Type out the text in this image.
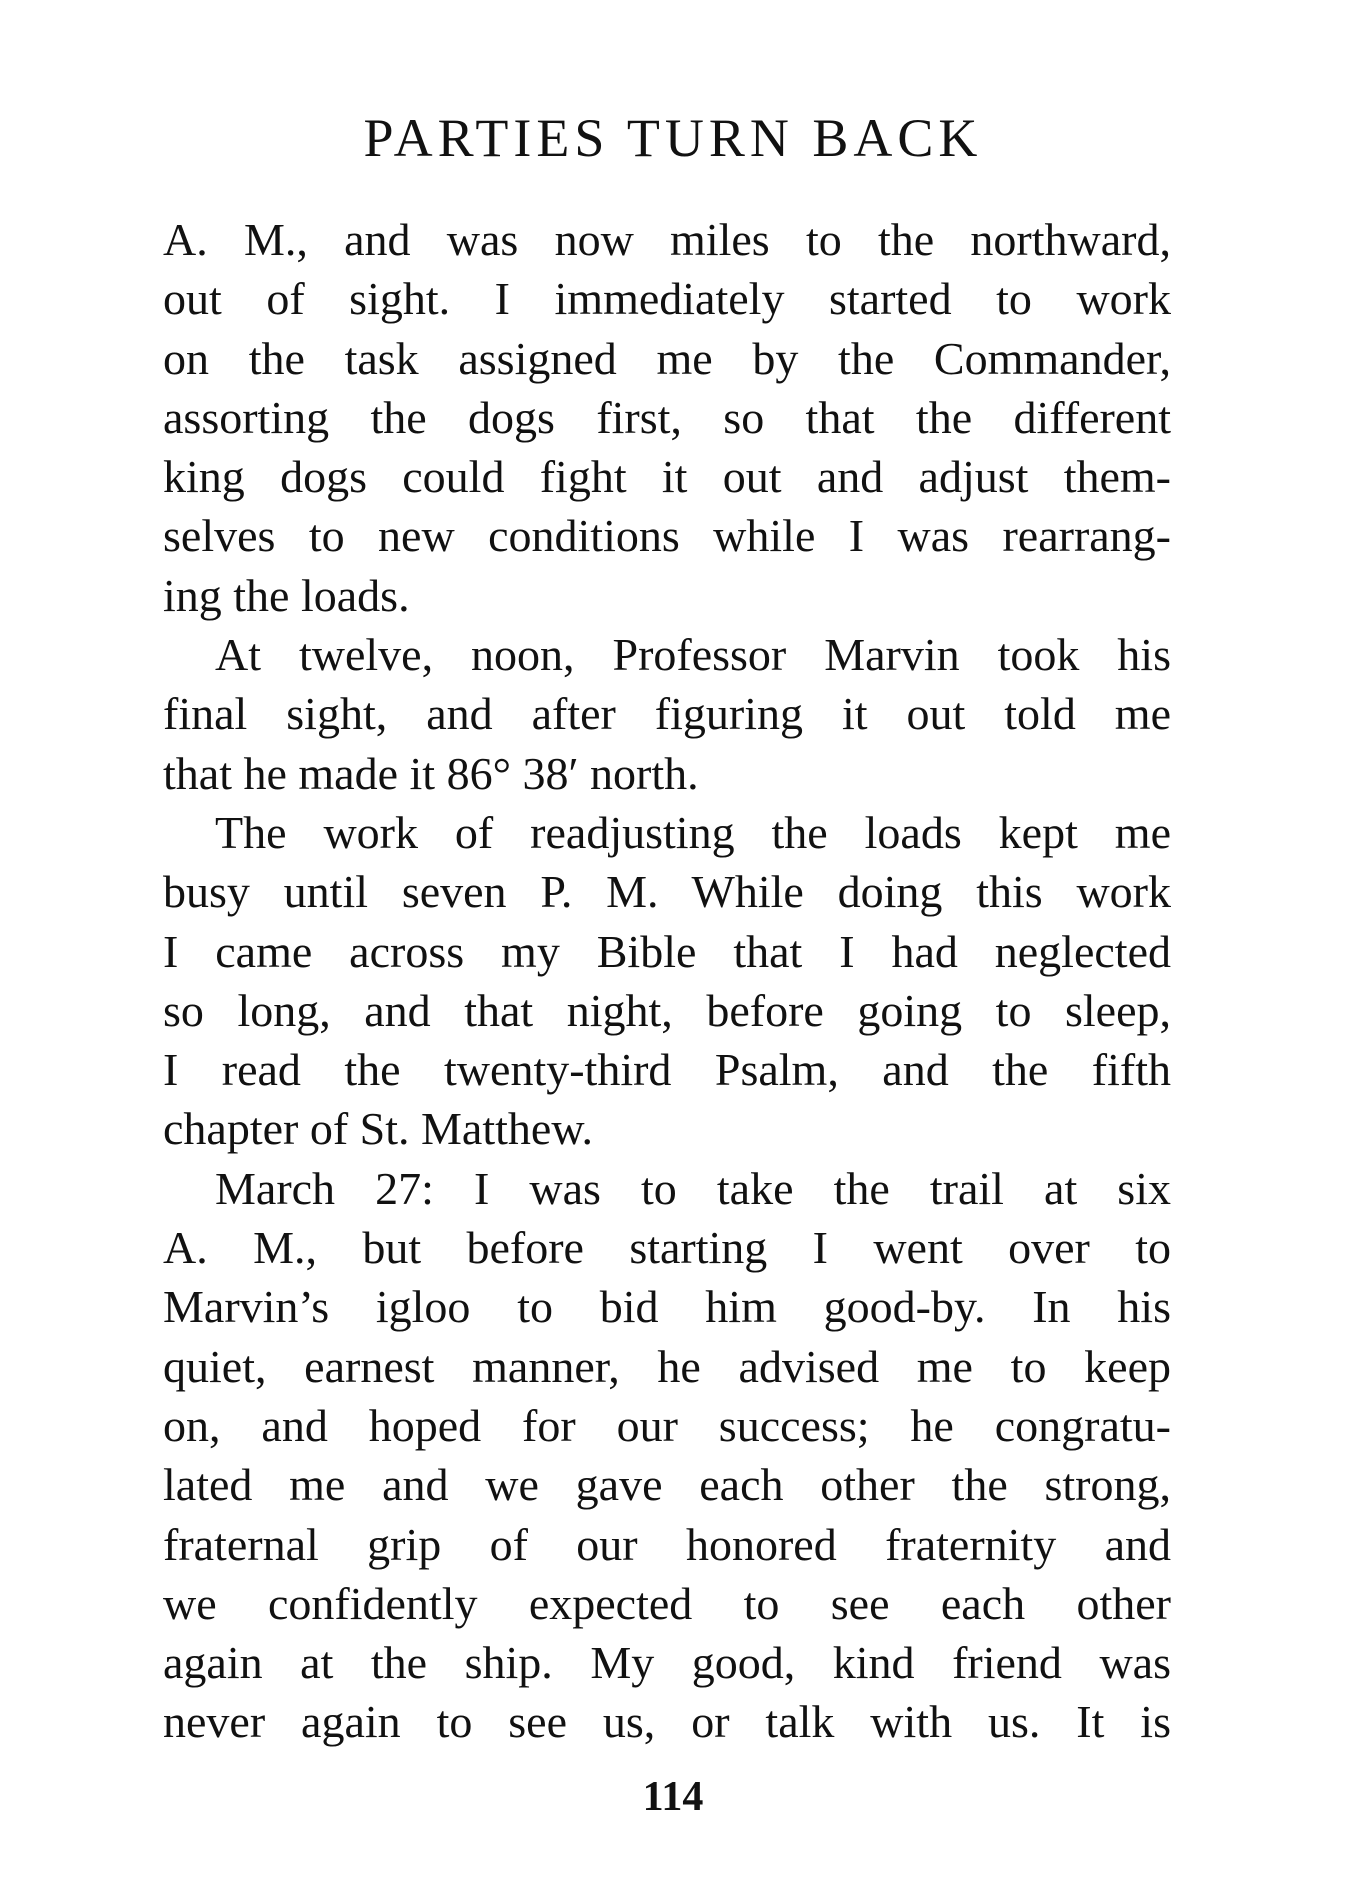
PARTIES TURN BACK
A. M., and was now miles to the northward,
out of sight. I immediately started to work
on the task assigned me by the Commander,
assorting the dogs first, so that the different
king dogs could fight it out and adjust them-
selves to new conditions while I was rearrang-
ing the loads.
At twelve, noon, Professor Marvin took his
final sight, and after figuring it out told me
that he made it 86° 38′ north.
The work of readjusting the loads kept me
busy until seven P. M. While doing this work
I came across my Bible that I had neglected
so long, and that night, before going to sleep,
I read the twenty-third Psalm, and the fifth
chapter of St. Matthew.
March 27: I was to take the trail at six
A. M., but before starting I went over to
Marvin’s igloo to bid him good-by. In his
quiet, earnest manner, he advised me to keep
on, and hoped for our success; he congratu-
lated me and we gave each other the strong,
fraternal grip of our honored fraternity and
we confidently expected to see each other
again at the ship. My good, kind friend was
never again to see us, or talk with us. It is
114
